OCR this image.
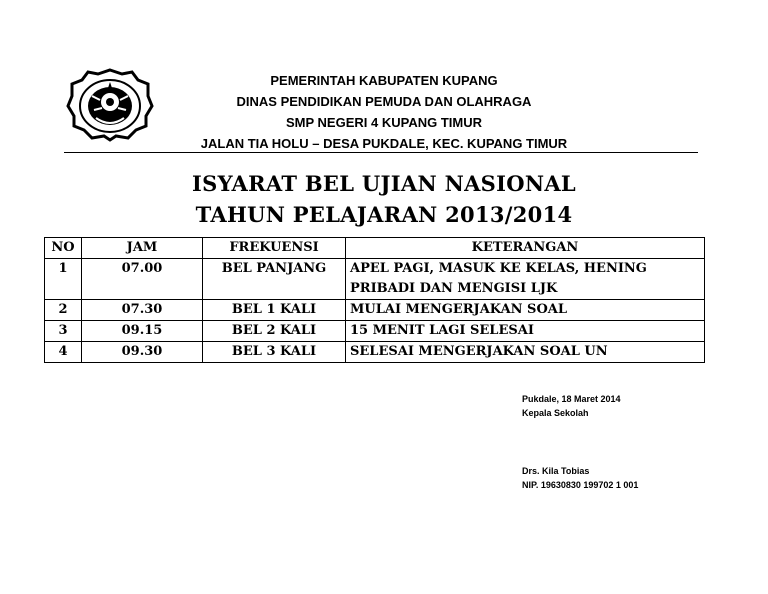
PEMERINTAH KABUPATEN KUPANG
DINAS PENDIDIKAN PEMUDA DAN OLAHRAGA
SMP NEGERI 4 KUPANG TIMUR
JALAN TIA HOLU – DESA PUKDALE, KEC. KUPANG TIMUR
ISYARAT BEL UJIAN NASIONAL
TAHUN PELAJARAN 2013/2014
NO	JAM	FREKUENSI	KETERANGAN
1	07.00	BEL PANJANG	APEL PAGI, MASUK KE KELAS, HENING
PRIBADI DAN MENGISI LJK

2	07.30	BEL 1 KALI	MULAI MENGERJAKAN SOAL
3	09.15	BEL 2 KALI	15 MENIT LAGI SELESAI
4	09.30	BEL 3 KALI	SELESAI MENGERJAKAN SOAL UN
Pukdale, 18 Maret 2014
Kepala Sekolah
Drs. Kila Tobias
NIP. 19630830 199702 1 001
